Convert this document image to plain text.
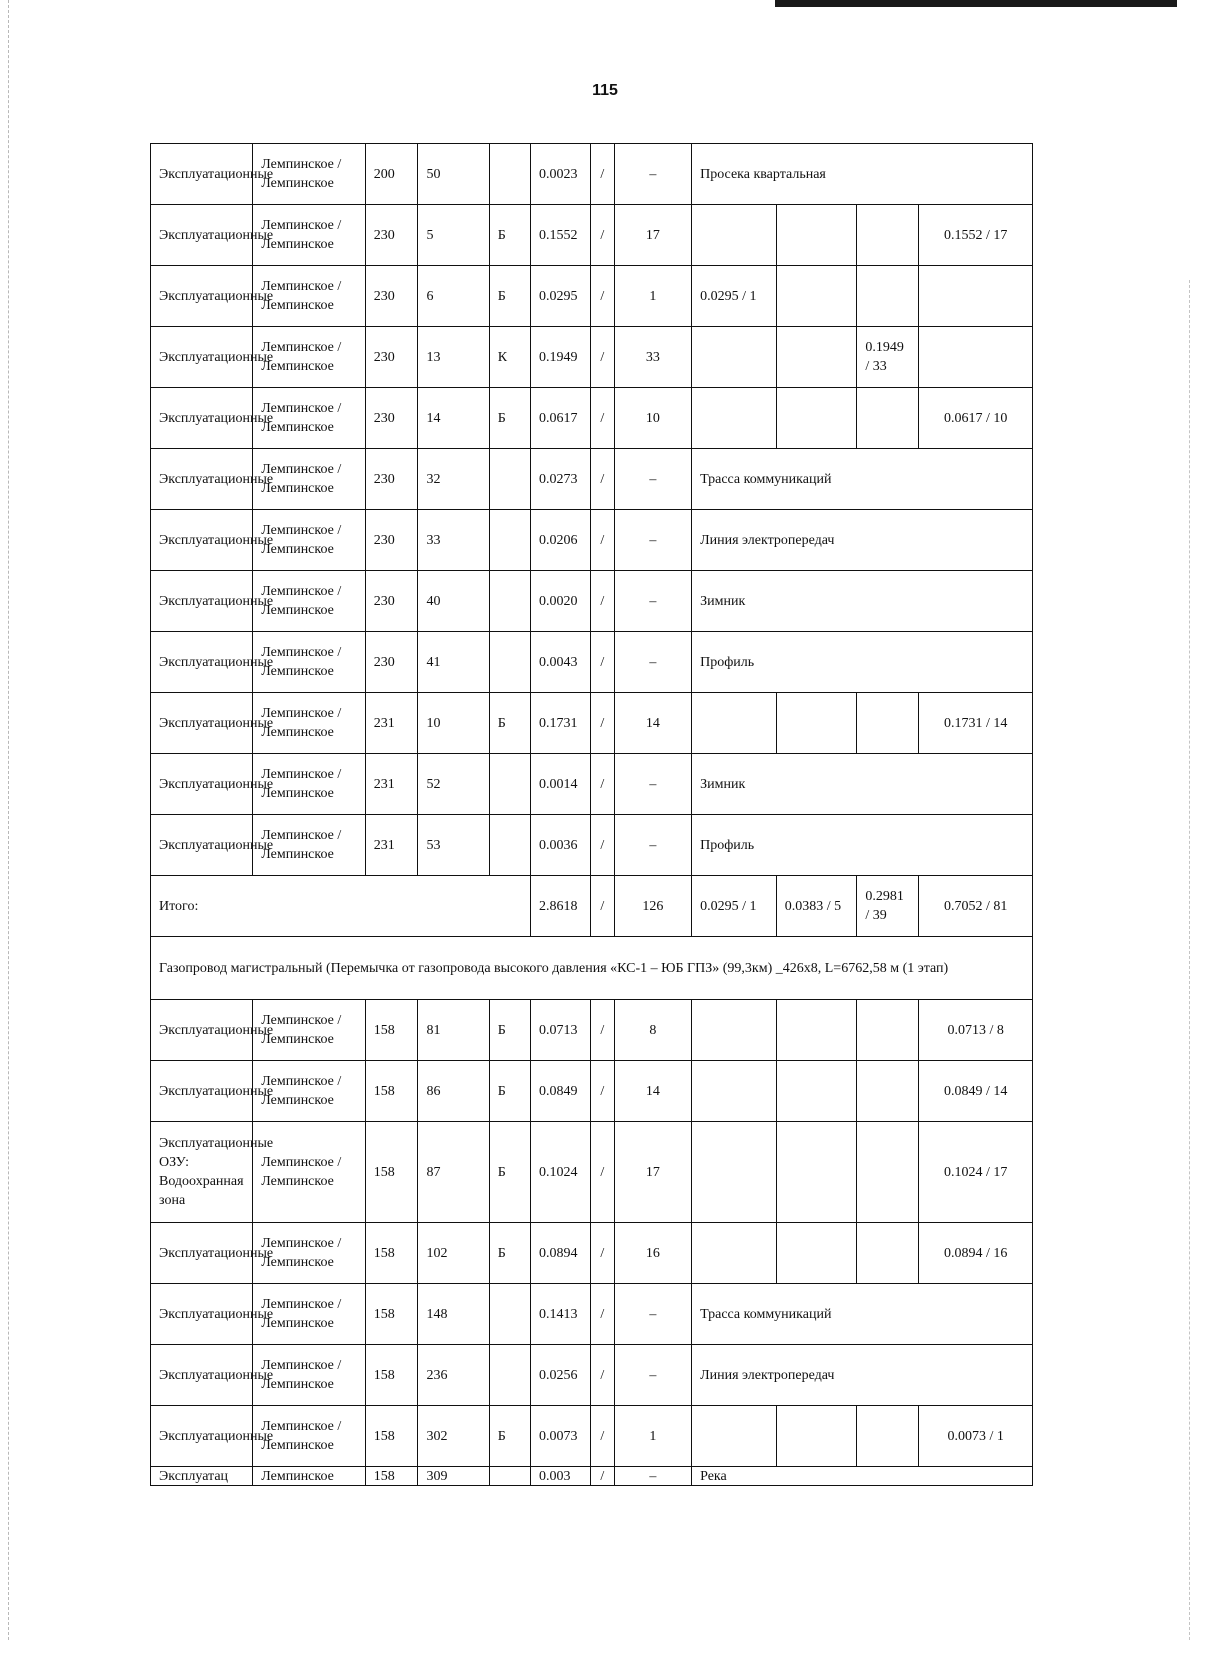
115
Эксплуатационные	Лемпинское / Лемпинское	200	50		0.0023	/	–	Просека квартальная			
Эксплуатационные	Лемпинское / Лемпинское	230	5	Б	0.1552	/	17				0.1552 / 17
Эксплуатационные	Лемпинское / Лемпинское	230	6	Б	0.0295	/	1	0.0295 / 1			
Эксплуатационные	Лемпинское / Лемпинское	230	13	К	0.1949	/	33			0.1949 / 33	
Эксплуатационные	Лемпинское / Лемпинское	230	14	Б	0.0617	/	10				0.0617 / 10
Эксплуатационные	Лемпинское / Лемпинское	230	32		0.0273	/	–	Трасса коммуникаций			
Эксплуатационные	Лемпинское / Лемпинское	230	33		0.0206	/	–	Линия электропередач			
Эксплуатационные	Лемпинское / Лемпинское	230	40		0.0020	/	–	Зимник			
Эксплуатационные	Лемпинское / Лемпинское	230	41		0.0043	/	–	Профиль			
Эксплуатационные	Лемпинское / Лемпинское	231	10	Б	0.1731	/	14				0.1731 / 14
Эксплуатационные	Лемпинское / Лемпинское	231	52		0.0014	/	–	Зимник			
Эксплуатационные	Лемпинское / Лемпинское	231	53		0.0036	/	–	Профиль			
Итого:					2.8618	/	126	0.0295 / 1	0.0383 / 5	0.2981 / 39	0.7052 / 81
Газопровод магистральный (Перемычка от газопровода высокого давления «КС-1 – ЮБ ГПЗ» (99,3км) _426х8, L=6762,58 м (1 этап)											
Эксплуатационные	Лемпинское / Лемпинское	158	81	Б	0.0713	/	8				0.0713 / 8
Эксплуатационные	Лемпинское / Лемпинское	158	86	Б	0.0849	/	14				0.0849 / 14
Эксплуатационные ОЗУ: Водоохранная зона	Лемпинское / Лемпинское	158	87	Б	0.1024	/	17				0.1024 / 17
Эксплуатационные	Лемпинское / Лемпинское	158	102	Б	0.0894	/	16				0.0894 / 16
Эксплуатационные	Лемпинское / Лемпинское	158	148		0.1413	/	–	Трасса коммуникаций			
Эксплуатационные	Лемпинское / Лемпинское	158	236		0.0256	/	–	Линия электропередач			
Эксплуатационные	Лемпинское / Лемпинское	158	302	Б	0.0073	/	1				0.0073 / 1
Эксплуатац	Лемпинское	158	309		0.003	/	–	Река			
